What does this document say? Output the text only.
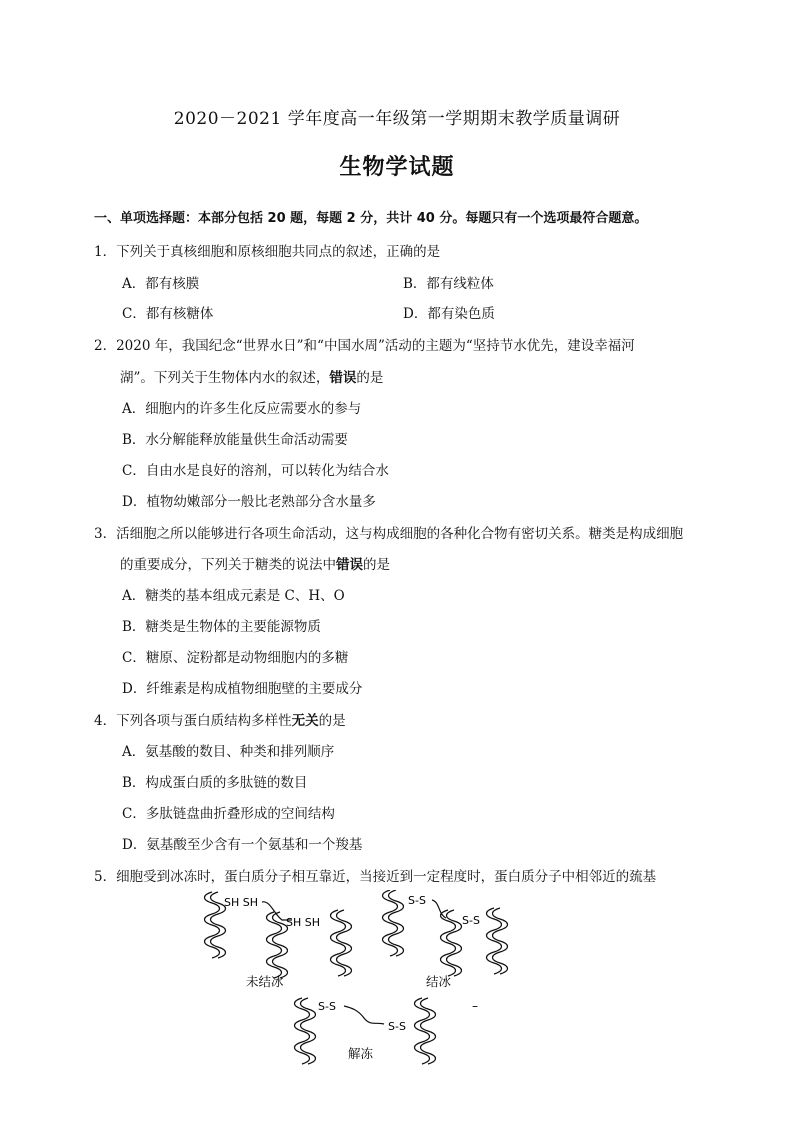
2020－2021 学年度高一年级第一学期期末教学质量调研
生物学试题
一、单项选择题：本部分包括 20 题，每题 2 分，共计 40 分。每题只有一个选项最符合题意。
1．下列关于真核细胞和原核细胞共同点的叙述，正确的是
A．都有核膜	B．都有线粒体
C．都有核糖体	D．都有染色质
2．2020 年，我国纪念“世界水日”和“中国水周”活动的主题为“坚持节水优先，建设幸福河
湖”。下列关于生物体内水的叙述，错误的是
A．细胞内的许多生化反应需要水的参与
B．水分解能释放能量供生命活动需要
C．自由水是良好的溶剂，可以转化为结合水
D．植物幼嫩部分一般比老熟部分含水量多
3．活细胞之所以能够进行各项生命活动，这与构成细胞的各种化合物有密切关系。糖类是构成细胞
的重要成分，下列关于糖类的说法中错误的是
A．糖类的基本组成元素是 C、H、O
B．糖类是生物体的主要能源物质
C．糖原、淀粉都是动物细胞内的多糖
D．纤维素是构成植物细胞壁的主要成分
4．下列各项与蛋白质结构多样性无关的是
A．氨基酸的数目、种类和排列顺序
B．构成蛋白质的多肽链的数目
C．多肽链盘曲折叠形成的空间结构
D．氨基酸至少含有一个氨基和一个羧基
5．细胞受到冰冻时，蛋白质分子相互靠近，当接近到一定程度时，蛋白质分子中相邻近的巯基
SH SH
SH SH
未结冰
S-S
S-S
结冰
S-S
S-S
解冻
–
